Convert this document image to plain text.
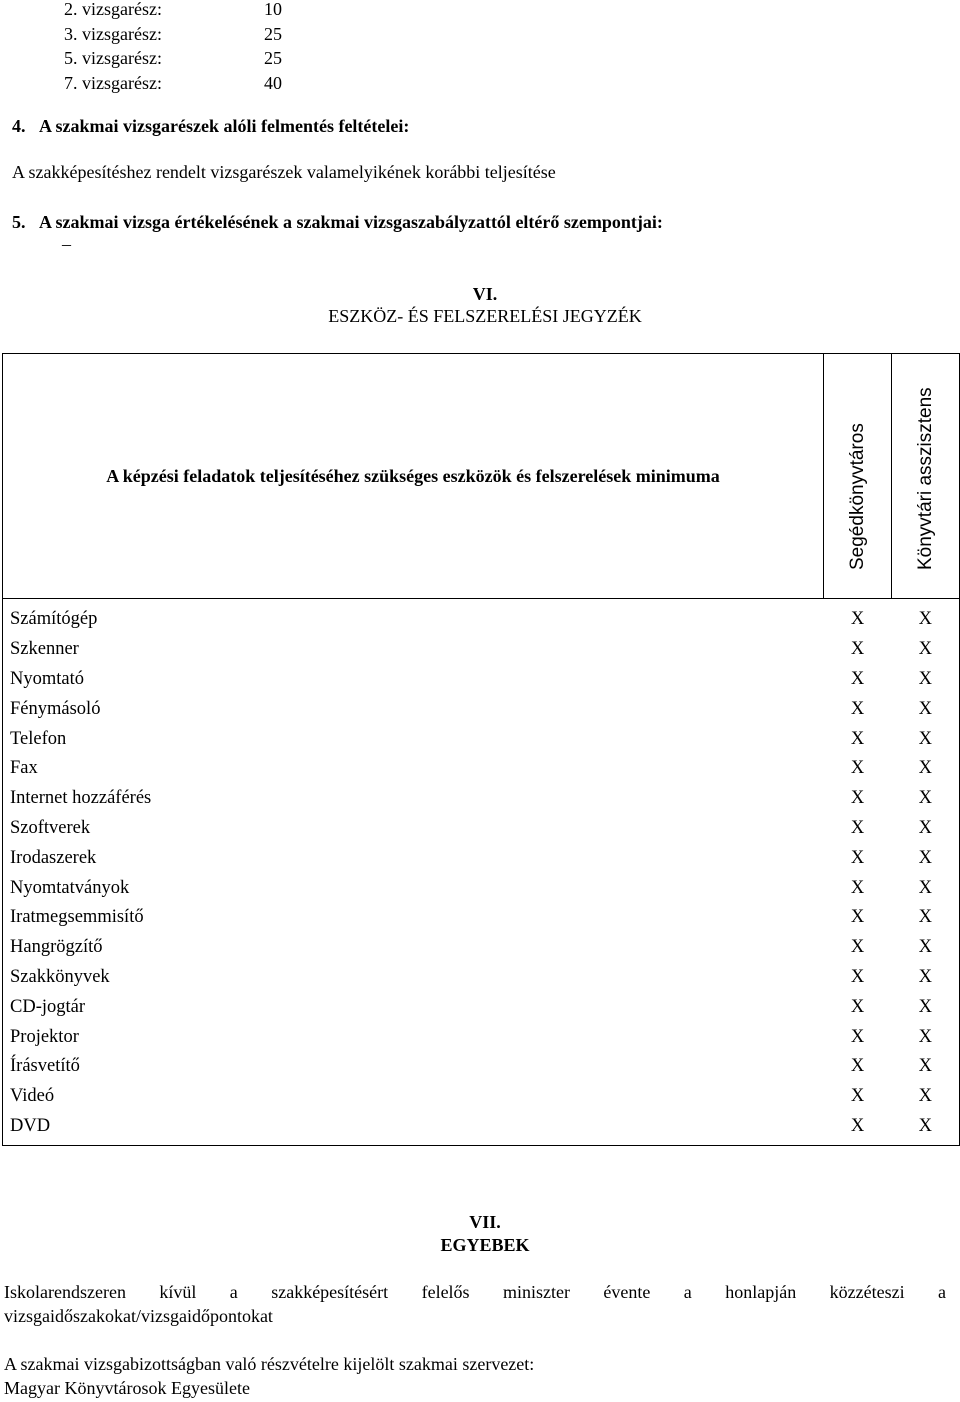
2. vizsgarész:	10
3. vizsgarész:	25
5. vizsgarész:	25
7. vizsgarész:	40
4. A szakmai vizsgarészek alóli felmentés feltételei:
A szakképesítéshez rendelt vizsgarészek valamelyikének korábbi teljesítése
5. A szakmai vizsga értékelésének a szakmai vizsgaszabályzattól eltérő szempontjai:
–
VI.
ESZKÖZ- ÉS FELSZERELÉSI JEGYZÉK
A képzési feladatok teljesítéséhez szükséges eszközök és felszerelések minimuma	Segédkönyvtáros	Könyvtári asszisztens

Számítógép	X	X
Szkenner	X	X
Nyomtató	X	X
Fénymásoló	X	X
Telefon	X	X
Fax	X	X
Internet hozzáférés	X	X
Szoftverek	X	X
Irodaszerek	X	X
Nyomtatványok	X	X
Iratmegsemmisítő	X	X
Hangrögzítő	X	X
Szakkönyvek	X	X
CD-jogtár	X	X
Projektor	X	X
Írásvetítő	X	X
Videó	X	X
DVD	X	X
VII.
EGYEBEK
Iskolarendszeren kívül a szakképesítésért felelős miniszter évente a honlapján közzéteszi a
vizsgaidőszakokat/vizsgaidőpontokat
A szakmai vizsgabizottságban való részvételre kijelölt szakmai szervezet:
Magyar Könyvtárosok Egyesülete
